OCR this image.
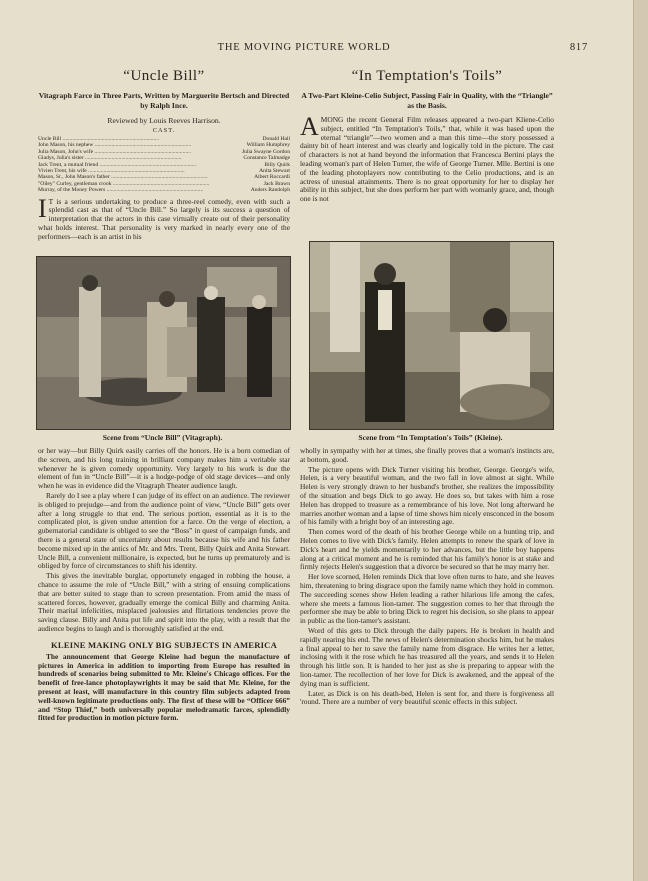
THE MOVING PICTURE WORLD	817
“Uncle Bill”
Vitagraph Farce in Three Parts, Written by Marguerite Bertsch and Directed by Ralph Ince.
Reviewed by Louis Reeves Harrison.
CAST.
Uncle Bill .....	Donald Hall
John Mason, his nephew .....	William Humphrey
Julia Mason, John's wife .....	Julia Swayne Gordon
Gladys, Julia's sister .....	Constance Talmadge
Jack Trent, a mutual friend .....	Billy Quirk
Vivien Trent, his wife .....	Anita Stewart
Mason, Sr., John Mason's father .....	Albert Roccardi
"Oiley" Curley, gentleman crook .....	Jack Brawn
Murray, of the Money Powers .....	Anders Randolph

I T is a serious undertaking to produce a three-reel comedy, even with such a splendid cast as that of “Uncle Bill.” So largely is its success a question of interpretation that the actors in this case virtually create out of their personality what holds interest. That personality is very marked in nearly every one of the performers—each is an artist in his

“In Temptation's Toils”
A Two-Part Kleine-Celio Subject, Passing Fair in Quality, with the “Triangle” as the Basis.

AMONG the recent General Film releases appeared a two-part Kliene-Celio subject, entitled “In Temptation's Toils,” that, while it was based upon the eternal “triangle”—two women and a man this time—the story possessed a dainty bit of heart interest and was clearly and logically told in the picture. The cast of characters is not at hand beyond the information that Francesca Bertini plays the leading woman's part of Helen Turner, the wife of George Turner. Mlle. Bertini is one of the leading photoplayers now contributing to the Celio productions, and is an actress of unusual attainments. There is no great opportunity for her to display her ability in this subject, but she does perform her part with womanly grace, and, though one is not

Scene from “Uncle Bill” (Vitagraph).	Scene from “In Temptation's Toils” (Kleine).

or her way—but Billy Quirk easily carries off the honors. He is a born comedian of the screen, and his long training in brilliant company makes him a veritable star whenever he is given comedy opportunity. Very largely to his work is due the element of fun in “Uncle Bill”—it is a hodge-podge of old stage devices—and only when he was in evidence did the Vitagraph Theater audience laugh.

Rarely do I see a play where I can judge of its effect on an audience. The reviewer is obliged to prejudge—and from the audience point of view, “Uncle Bill” gets over after a long struggle to that end. The serious portion, essential as it is to the complicated plot, is given undue attention for a farce. On the verge of election, a gubernatorial candidate is obliged to see the “Boss” in quest of campaign funds, and there is a general state of uncertainty about results because his wife and his father become mixed up in the antics of Mr. and Mrs. Trent, Billy Quirk and Anita Stewart. Uncle Bill, a convenient millionaire, is expected, but he turns up prematurely and is obliged by force of circumstances to shift his identity.

This gives the inevitable burglar, opportunely engaged in robbing the house, a chance to assume the role of “Uncle Bill,” with a string of ensuing complications that are better suited to stage than to screen presentation. From amid the mass of scattered forces, however, gradually emerge the comical Billy and charming Anita. Their marital infelicities, misplaced jealousies and flirtatious tendencies prove the saving clause. Billy and Anita put life and spirit into the play, with a result that the audience begins to laugh and is thoroughly satisfied at the end.

KLEINE MAKING ONLY BIG SUBJECTS IN AMERICA

The announcement that George Kleine had begun the manufacture of pictures in America in addition to importing from Europe has resulted in hundreds of scenarios being submitted to Mr. Kleine's Chicago offices. For the benefit of free-lance photoplaywrights it may be said that Mr. Kleine, for the present at least, will manufacture in this country film subjects adapted from well-known legitimate productions only. The first of these will be “Officer 666” and “Stop Thief,” both universally popular melodramatic farces, splendidly fitted for production in motion picture form.

wholly in sympathy with her at times, she finally proves that a woman's instincts are, at bottom, good.

The picture opens with Dick Turner visiting his brother, George. George's wife, Helen, is a very beautiful woman, and the two fall in love almost at sight. While Helen is very strongly drawn to her husband's brother, she realizes the impossibility of the situation and begs Dick to go away. He does so, but takes with him a rose Helen has dropped to treasure as a remembrance of his love. Not long afterward he marries another woman and a lapse of time shows him nicely ensconced in the bosom of his family with a bright boy of an interesting age.

Then comes word of the death of his brother George while on a hunting trip, and Helen comes to live with Dick's family. Helen attempts to renew the spark of love in Dick's heart and he yields momentarily to her advances, but the little boy happens along at a critical moment and he is reminded that his family's honor is at stake and firmly rejects Helen's suggestion that a divorce be secured so that he may marry her.

Her love scorned, Helen reminds Dick that love often turns to hate, and she leaves him, threatening to bring disgrace upon the family name which they hold in common. The succeeding scenes show Helen leading a rather hilarious life among the cafes, where she meets a famous lion-tamer. The suggestion comes to her that through the performer she may be able to bring Dick to regret his decision, so she plans to appear in public as the lion-tamer's assistant.

Word of this gets to Dick through the daily papers. He is broken in health and rapidly nearing his end. The news of Helen's determination shocks him, but he makes a final appeal to her to save the family name from disgrace. He writes her a letter, inclosing with it the rose which he has treasured all the years, and sends it to Helen through his little son. It is handed to her just as she is preparing to appear with the lion-tamer. The recollection of her love for Dick is awakened, and the appeal of the dying man is sufficient.

Later, as Dick is on his death-bed, Helen is sent for, and there is forgiveness all 'round. There are a number of very beautiful scenic effects in this subject.
